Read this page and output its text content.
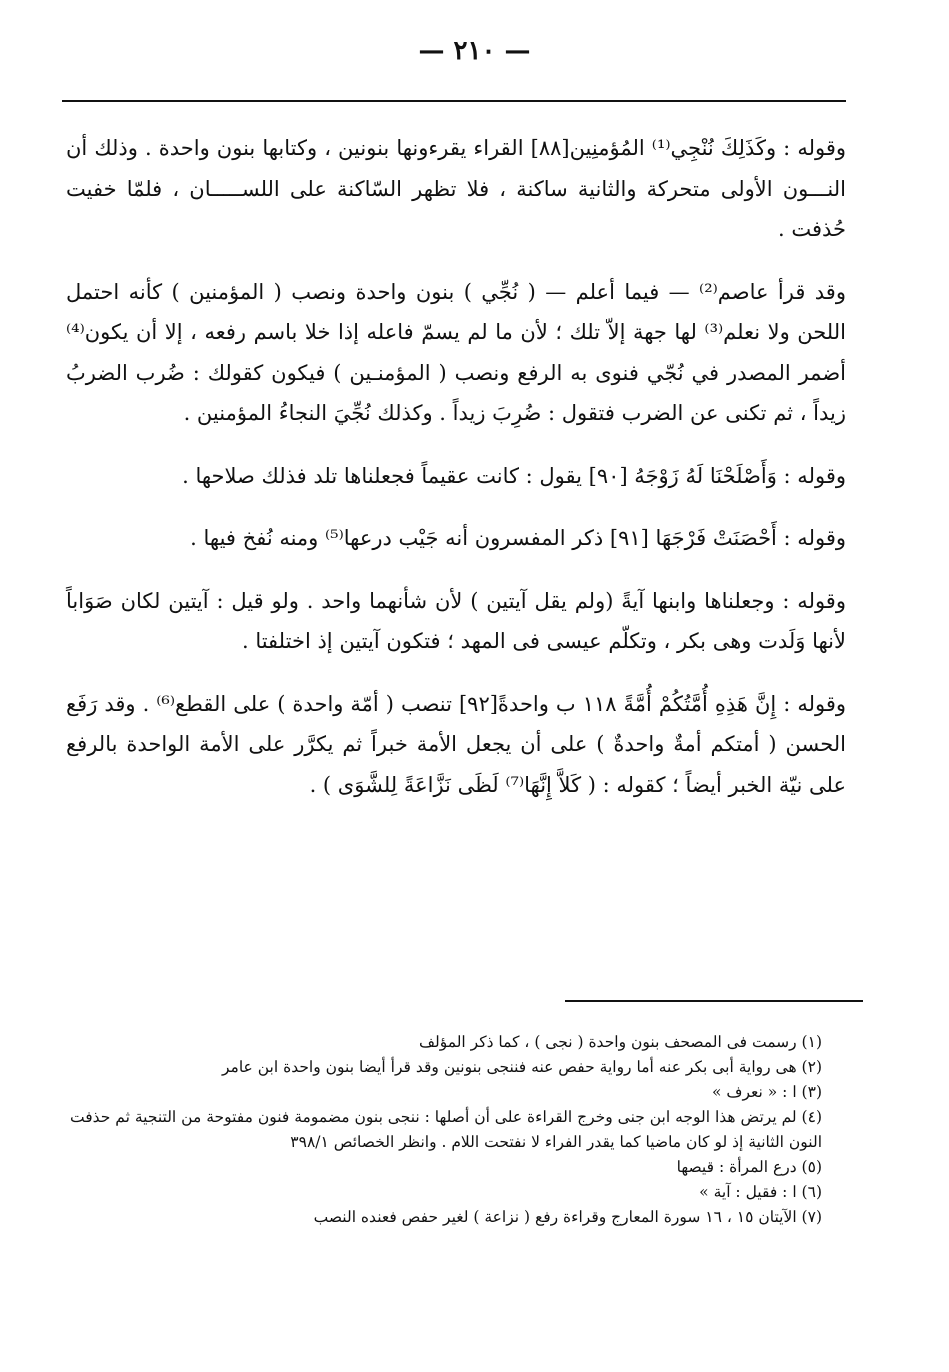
— ٢١٠ —

وقوله : وكَذَلِكَ نُنْجِي⁽¹⁾ المُؤمنِين[٨٨] القراء يقرءونها بنونين ، وكتابها بنون واحدة . وذلك أن النـــون الأولى متحركة والثانية ساكنة ، فلا تظهر السّاكنة على اللســـــان ، فلمّا خفيت حُذفت .

وقد قرأ عاصم⁽²⁾ — فيما أعلم — ( نُجِّي ) بنون واحدة ونصب ( المؤمنين ) كأنه احتمل اللحن ولا نعلم⁽³⁾ لها جهة إلاّ تلك ؛ لأن ما لم يسمّ فاعله إذا خلا باسم رفعه ، إلا أن يكون⁽⁴⁾ أضمر المصدر في نُجّي فنوى به الرفع ونصب ( المؤمنـين ) فيكون كقولك : ضُرب الضربُ زيداً ، ثم تكنى عن الضرب فتقول : ضُرِبَ زيداً . وكذلك نُجِّيَ النجاءُ المؤمنين .

وقوله : وَأَصْلَحْنَا لَهُ زَوْجَهُ [٩٠] يقول : كانت عقيماً فجعلناها تلد فذلك صلاحها .

وقوله : أَحْصَنَتْ فَرْجَهَا [٩١] ذكر المفسرون أنه جَيْب درعها⁽⁵⁾ ومنه نُفخ فيها .

وقوله : وجعلناها وابنها آيةً (ولم يقل آيتين ) لأن شأنهما واحد . ولو قيل : آيتين لكان صَوَاباً لأنها وَلَدت وهى بكر ، وتكلّم عيسى فى المهد ؛ فتكون آيتين إذ اختلفتا .

وقوله : إِنَّ هَذِهِ أُمَّتُكُمْ أُمَّةً ١١٨ ب واحدةً[٩٢] تنصب ( أمّة واحدة ) على القطع⁽⁶⁾ . وقد رَفَع الحسن ( أمتكم أمةٌ واحدةٌ ) على أن يجعل الأمة خبراً ثم يكرَّر على الأمة الواحدة بالرفع على نيّة الخبر أيضاً ؛ كقوله : ( كَلاَّ إِنَّهَا⁽⁷⁾ لَظَى نَزَّاعَةً لِلشَّوَى ) .

(١) رسمت فى المصحف بنون واحدة ( نجى ) ، كما ذكر المؤلف

(٢) هى رواية أبى بكر عنه أما رواية حفص عنه فننجى بنونين وقد قرأ أيضا بنون واحدة ابن عامر

(٣) ا : « نعرف »

(٤) لم يرتض هذا الوجه ابن جنى وخرج القراءة على أن أصلها : ننجى بنون مضمومة فنون مفتوحة من التنجية ثم حذفت النون الثانية إذ لو كان ماضيا كما يقدر الفراء لا نفتحت اللام . وانظر الخصائص ٣٩٨/١

(٥) درع المرأة : قيصها

(٦) ا : فقيل : آية »

(٧) الآيتان ١٥ ، ١٦ سورة المعارج وقراءة رفع ( نزاعة ) لغير حفص فعنده النصب
